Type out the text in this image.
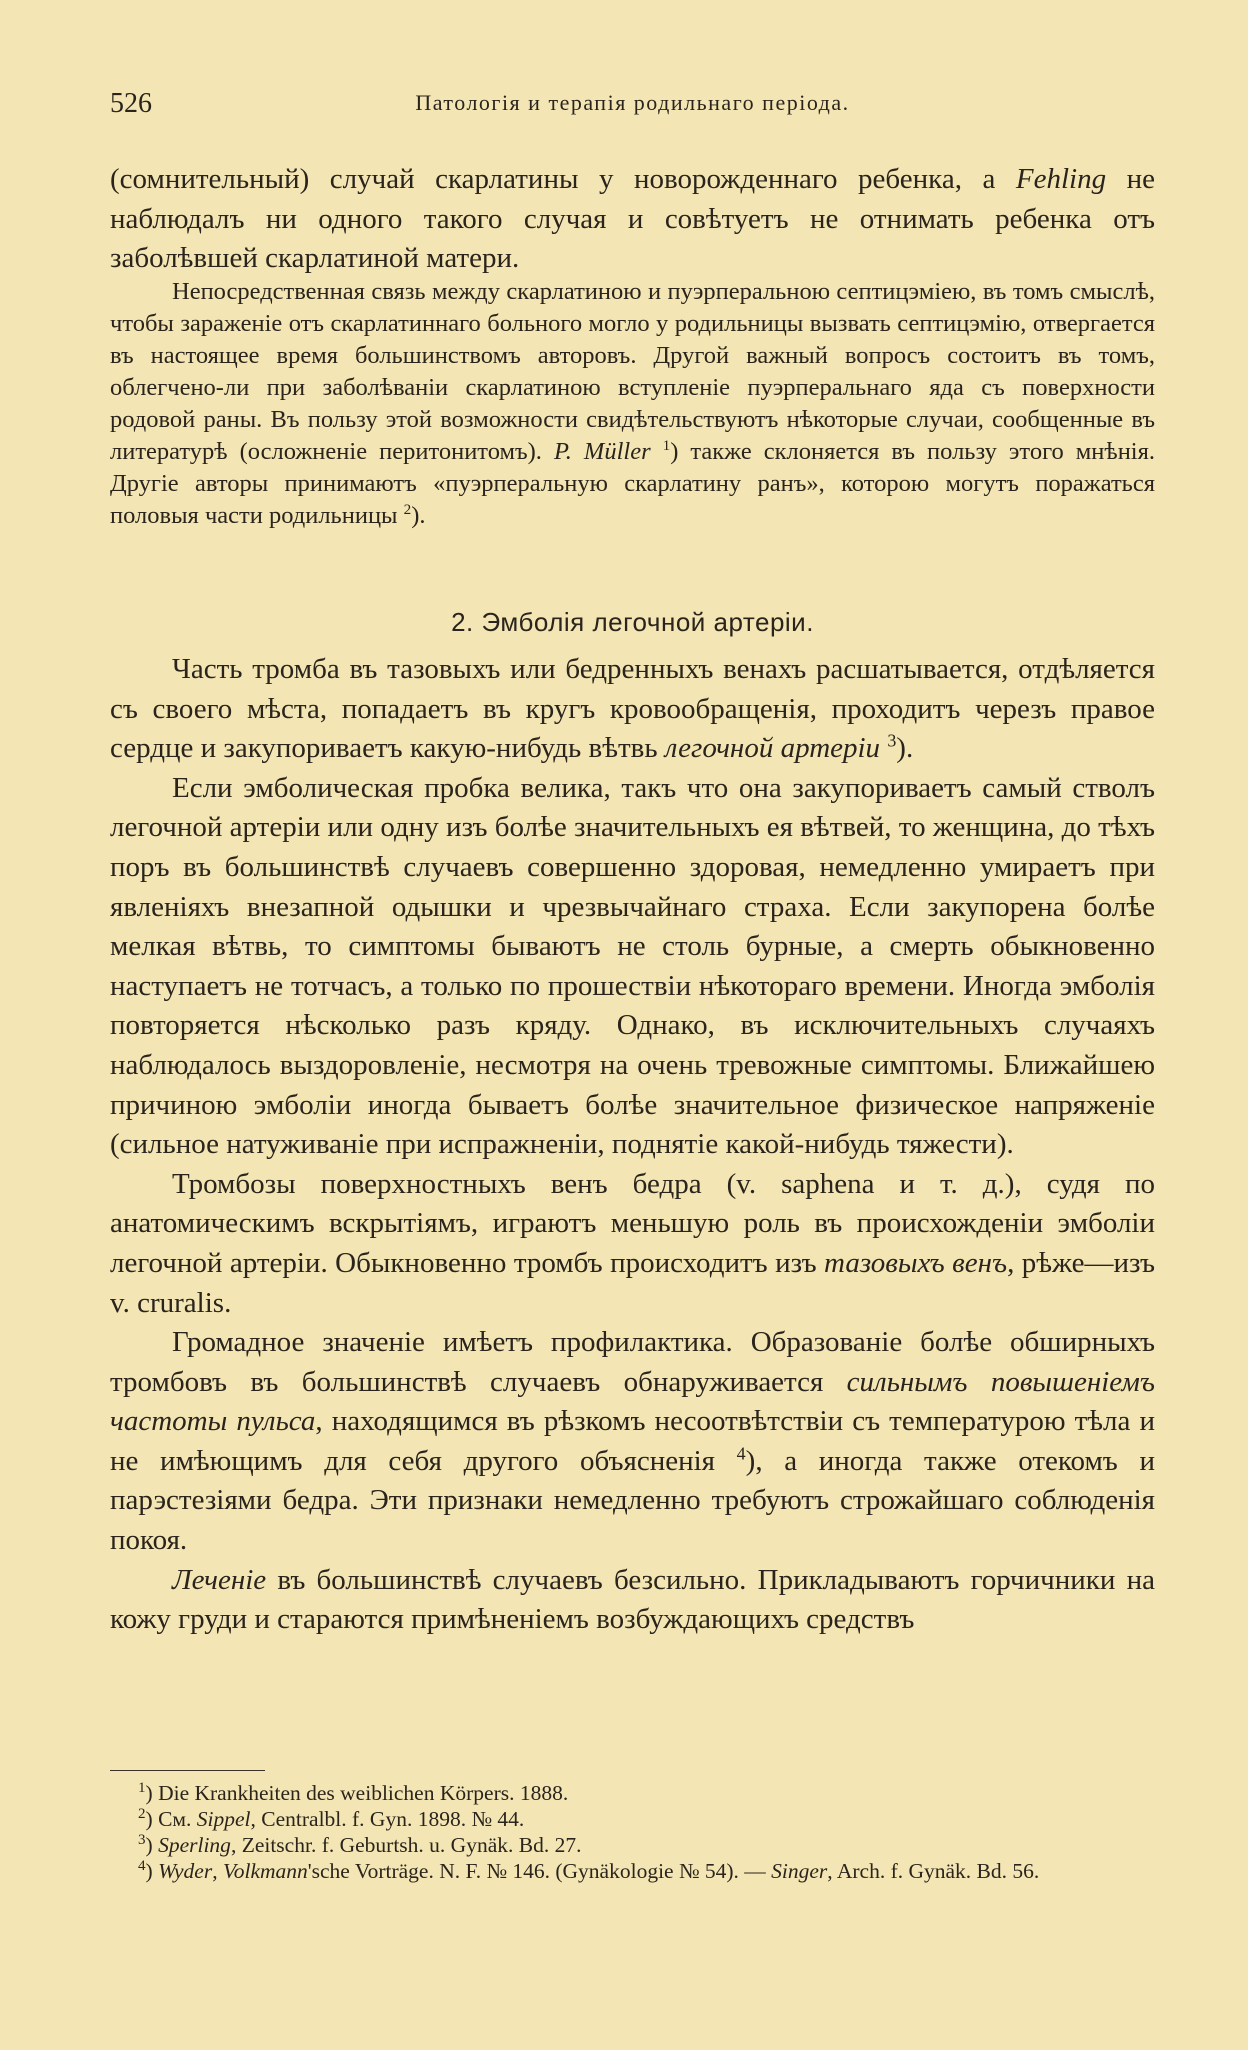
526	Патологія и терапія родильнаго періода.

(сомнительный) случай скарлатины у новорожденнаго ребенка, а Fehling не наблюдалъ ни одного такого случая и совѣтуетъ не отнимать ребенка отъ заболѣвшей скарлатиной матери.

Непосредственная связь между скарлатиною и пуэрперальною септицэміею, въ томъ смыслѣ, чтобы зараженіе отъ скарлатиннаго больного могло у родильницы вызвать септицэмію, отвергается въ настоящее время большинствомъ авторовъ. Другой важный вопросъ состоитъ въ томъ, облегчено-ли при заболѣваніи скарлатиною вступленіе пуэрперальнаго яда съ поверхности родовой раны. Въ пользу этой возможности свидѣтельствуютъ нѣкоторые случаи, сообщенные въ литературѣ (осложненіе перитонитомъ). P. Müller $^1$) также склоняется въ пользу этого мнѣнія. Другіе авторы принимаютъ «пуэрперальную скарлатину ранъ», которою могутъ поражаться половыя части родильницы $^2$).

2. Эмболія легочной артеріи.

Часть тромба въ тазовыхъ или бедренныхъ венахъ расшатывается, отдѣляется съ своего мѣста, попадаетъ въ кругъ кровообращенія, проходитъ черезъ правое сердце и закупориваетъ какую-нибудь вѣтвь легочной артеріи $^3$).

Если эмболическая пробка велика, такъ что она закупориваетъ самый стволъ легочной артеріи или одну изъ болѣе значительныхъ ея вѣтвей, то женщина, до тѣхъ поръ въ большинствѣ случаевъ совершенно здоровая, немедленно умираетъ при явленіяхъ внезапной одышки и чрезвычайнаго страха. Если закупорена болѣе мелкая вѣтвь, то симптомы бываютъ не столь бурные, а смерть обыкновенно наступаетъ не тотчасъ, а только по прошествіи нѣкотораго времени. Иногда эмболія повторяется нѣсколько разъ кряду. Однако, въ исключительныхъ случаяхъ наблюдалось выздоровленіе, несмотря на очень тревожные симптомы. Ближайшею причиною эмболіи иногда бываетъ болѣе значительное физическое напряженіе (сильное натуживаніе при испражненіи, поднятіе какой-нибудь тяжести).

Тромбозы поверхностныхъ венъ бедра (v. saphena и т. д.), судя по анатомическимъ вскрытіямъ, играютъ меньшую роль въ происхожденіи эмболіи легочной артеріи. Обыкновенно тромбъ происходитъ изъ тазовыхъ венъ, рѣже—изъ v. cruralis.

Громадное значеніе имѣетъ профилактика. Образованіе болѣе обширныхъ тромбовъ въ большинствѣ случаевъ обнаруживается сильнымъ повышеніемъ частоты пульса, находящимся въ рѣзкомъ несоотвѣтствіи съ температурою тѣла и не имѣющимъ для себя другого объясненія $^4$), а иногда также отекомъ и парэстезіями бедра. Эти признаки немедленно требуютъ строжайшаго соблюденія покоя.

Леченіе въ большинствѣ случаевъ безсильно. Прикладываютъ горчичники на кожу груди и стараются примѣненіемъ возбуждающихъ средствъ

$^1$) Die Krankheiten des weiblichen Körpers. 1888.
$^2$) См. Sippel, Centralbl. f. Gyn. 1898. № 44.
$^3$) Sperling, Zeitschr. f. Geburtsh. u. Gynäk. Bd. 27.
$^4$) Wyder, Volkmann'sche Vorträge. N. F. № 146. (Gynäkologie № 54). — Singer, Arch. f. Gynäk. Bd. 56.
